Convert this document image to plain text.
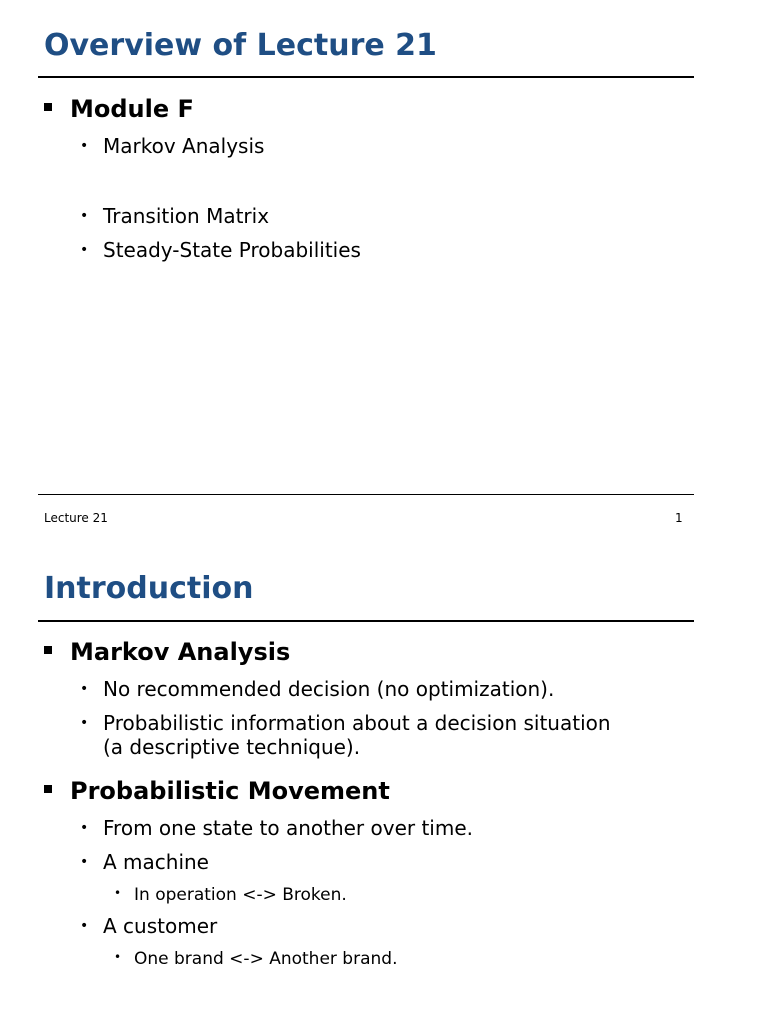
Overview of Lecture 21
Module F
• Markov Analysis
• Transition Matrix
• Steady-State Probabilities
Lecture 21	1
Introduction
Markov Analysis
• No recommended decision (no optimization).
• Probabilistic information about a decision situation
(a descriptive technique).
Probabilistic Movement
• From one state to another over time.
• A machine
• In operation <-> Broken.
• A customer
• One brand <-> Another brand.
